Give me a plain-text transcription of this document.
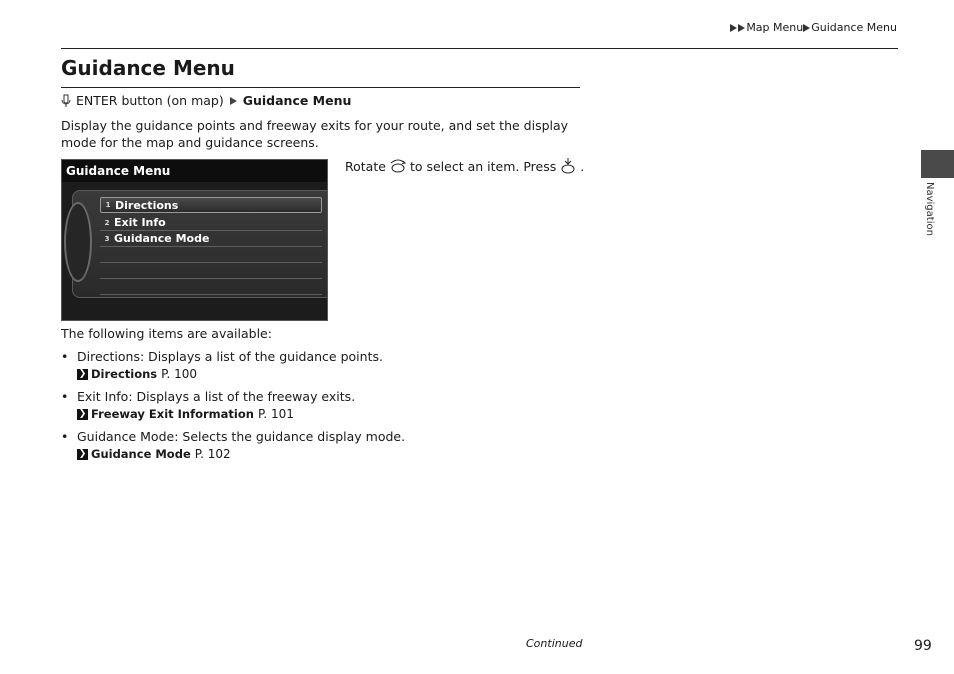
Map Menu Guidance Menu
Guidance Menu
ENTER button (on map) Guidance Menu
Display the guidance points and freeway exits for your route, and set the display mode for the map and guidance screens.
Guidance Menu
1 Directions
2 Exit Info
3 Guidance Mode
Rotate to select an item. Press .
The following items are available:
• Directions: Displays a list of the guidance points.
❯ Directions P. 100
• Exit Info: Displays a list of the freeway exits.
❯ Freeway Exit Information P. 101
• Guidance Mode: Selects the guidance display mode.
❯ Guidance Mode P. 102
Navigation
Continued	99
